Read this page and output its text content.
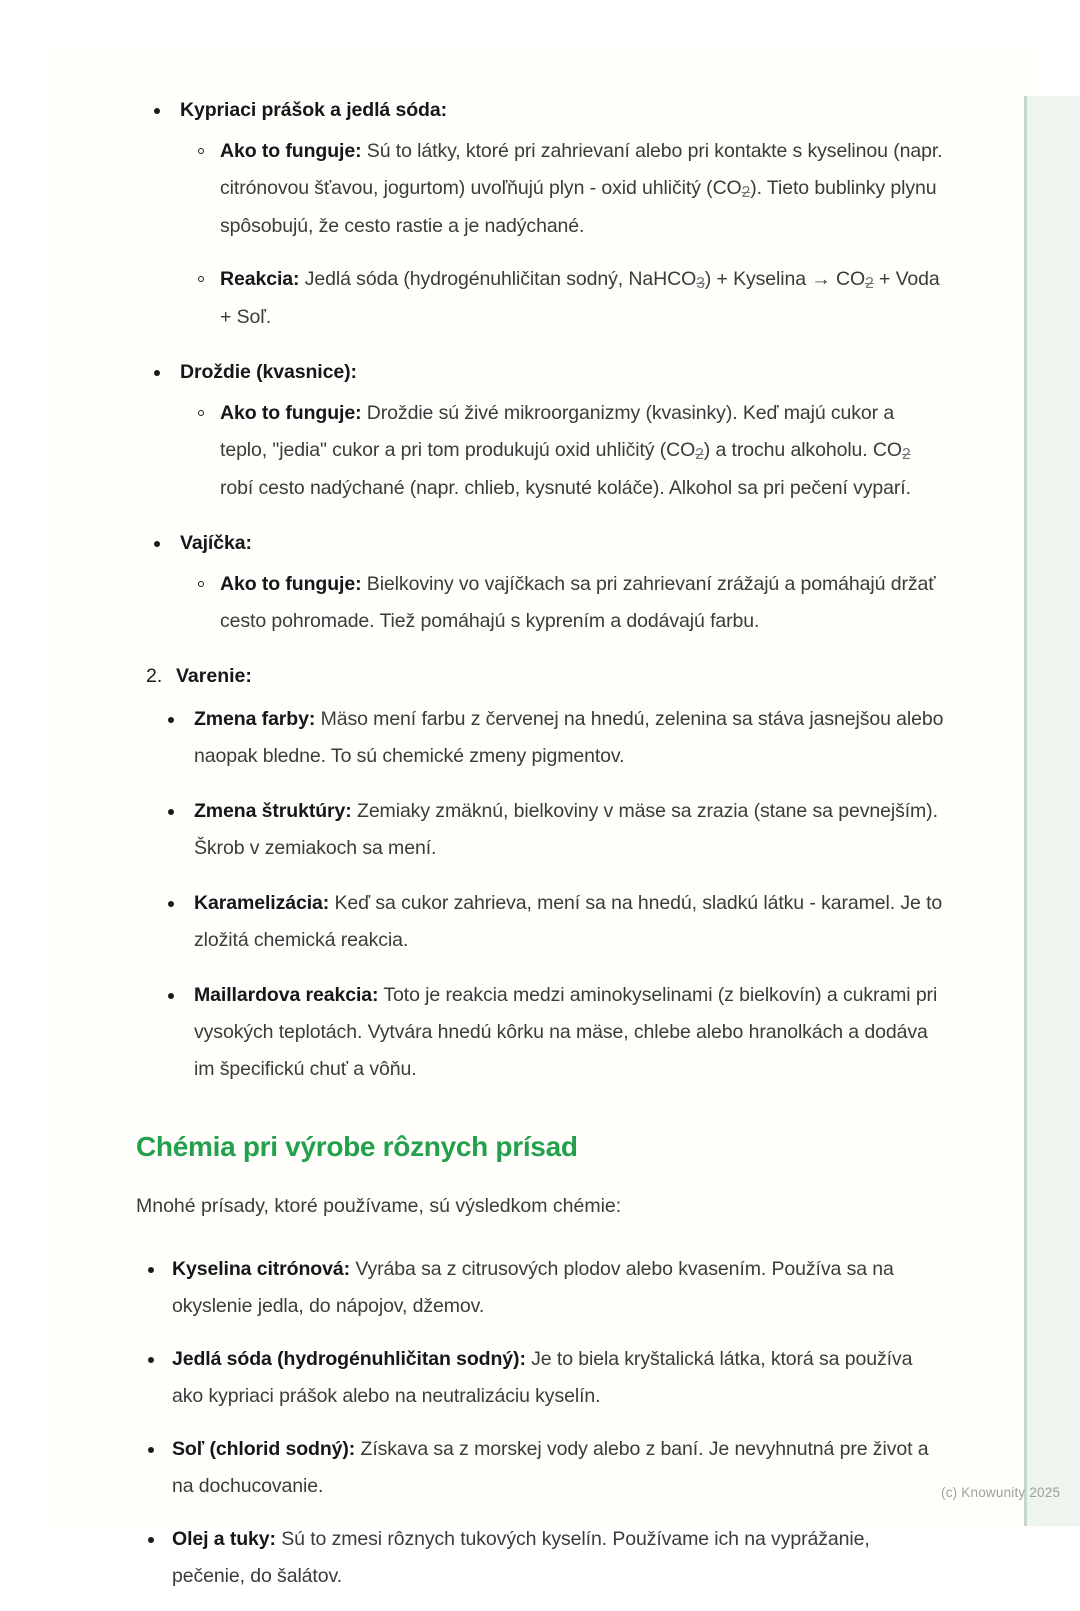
Kypriaci prášok a jedlá sóda:
Ako to funguje: Sú to látky, ktoré pri zahrievaní alebo pri kontakte s kyselinou (napr. citrónovou šťavou, jogurtom) uvoľňujú plyn - oxid uhličitý (CO2). Tieto bublinky plynu spôsobujú, že cesto rastie a je nadýchané.
Reakcia: Jedlá sóda (hydrogénuhličitan sodný, NaHCO3) + Kyselina → CO2 + Voda + Soľ.
Droždie (kvasnice):
Ako to funguje: Droždie sú živé mikroorganizmy (kvasinky). Keď majú cukor a teplo, "jedia" cukor a pri tom produkujú oxid uhličitý (CO2) a trochu alkoholu. CO2 robí cesto nadýchané (napr. chlieb, kysnuté koláče). Alkohol sa pri pečení vyparí.
Vajíčka:
Ako to funguje: Bielkoviny vo vajíčkach sa pri zahrievaní zrážajú a pomáhajú držať cesto pohromade. Tiež pomáhajú s kyprením a dodávajú farbu.
2. Varenie:
Zmena farby: Mäso mení farbu z červenej na hnedú, zelenina sa stáva jasnejšou alebo naopak bledne. To sú chemické zmeny pigmentov.
Zmena štruktúry: Zemiaky zmäknú, bielkoviny v mäse sa zrazia (stane sa pevnejším). Škrob v zemiakoch sa mení.
Karamelizácia: Keď sa cukor zahrieva, mení sa na hnedú, sladkú látku - karamel. Je to zložitá chemická reakcia.
Maillardova reakcia: Toto je reakcia medzi aminokyselinami (z bielkovín) a cukrami pri vysokých teplotách. Vytvára hnedú kôrku na mäse, chlebe alebo hranolkách a dodáva im špecifickú chuť a vôňu.
Chémia pri výrobe rôznych prísad

Mnohé prísady, ktoré používame, sú výsledkom chémie:

Kyselina citrónová: Vyrába sa z citrusových plodov alebo kvasením. Používa sa na okyslenie jedla, do nápojov, džemov.
Jedlá sóda (hydrogénuhličitan sodný): Je to biela kryštalická látka, ktorá sa používa ako kypriaci prášok alebo na neutralizáciu kyselín.
Soľ (chlorid sodný): Získava sa z morskej vody alebo z baní. Je nevyhnutná pre život a na dochucovanie.
Olej a tuky: Sú to zmesi rôznych tukových kyselín. Používame ich na vyprážanie, pečenie, do šalátov.
(c) Knowunity 2025
